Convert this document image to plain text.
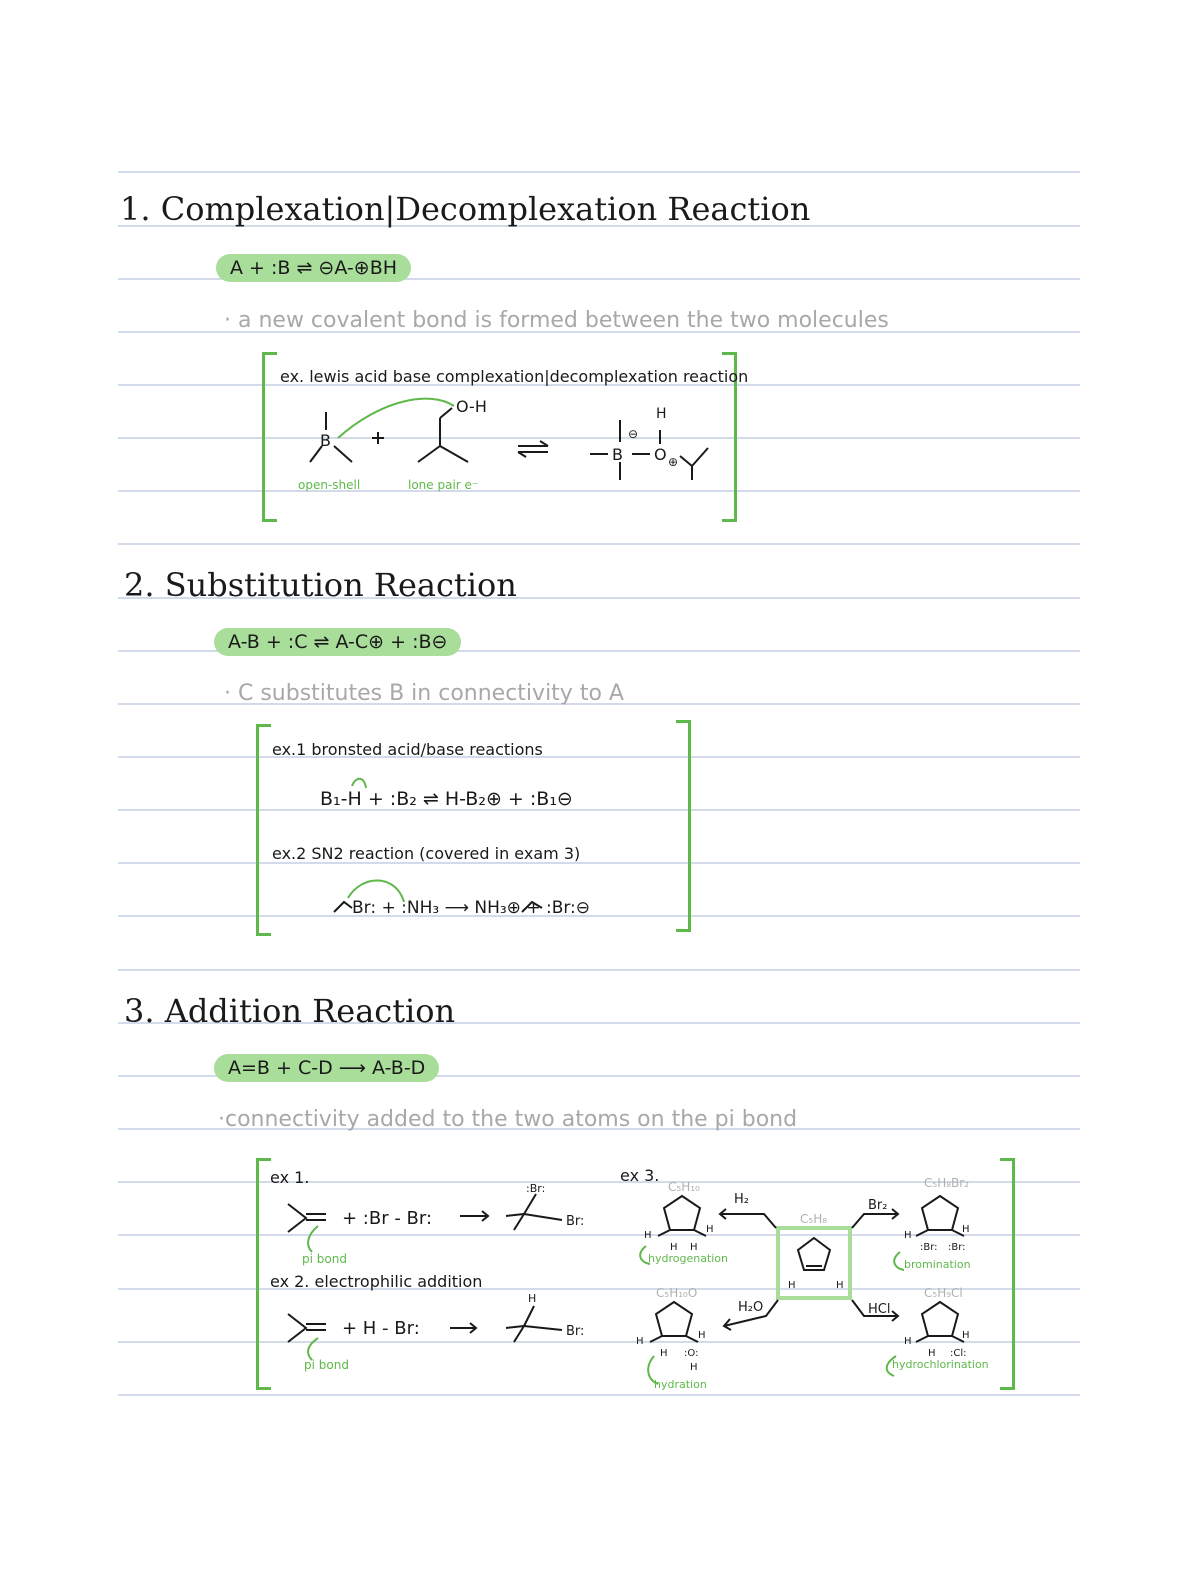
1. Complexation|Decomplexation Reaction
A + :B ⇌ ⊖A-⊕BH
· a new covalent bond is formed between the two molecules
ex. lewis acid base complexation|decomplexation reaction
B
O-H
B O
⊖
⊕
H
open-shell	lone pair e⁻
2. Substitution Reaction
A-B + :C ⇌ A-C⊕ + :B⊖
· C substitutes B in connectivity to A
ex.1 bronsted acid/base reactions
B₁-H + :B₂ ⇌ H-B₂⊕ + :B₁⊖
ex.2 SN2 reaction (covered in exam 3)
Br: + :NH₃ ⟶ NH₃⊕ + :Br:⊖
3. Addition Reaction
A=B + C-D ⟶ A-B-D
·connectivity added to the two atoms on the pi bond
ex 1.
+ :Br - Br:	Br:
pi bond
ex 2. electrophilic addition
+ H - Br:	Br:
pi bond
:Br:
H
ex 3.
C₅H₁₀
C₅H₈
C₅H₈Br₂
C₅H₁₀O	C₅H₉Cl
H₂	Br₂
H₂O	HCl
hydrogenation	bromination
hydration
hydrochlorination
H
H
H H
H	H
H
H
:Br: :Br:
H
H
H :O:
H
H
H
H :Cl:
